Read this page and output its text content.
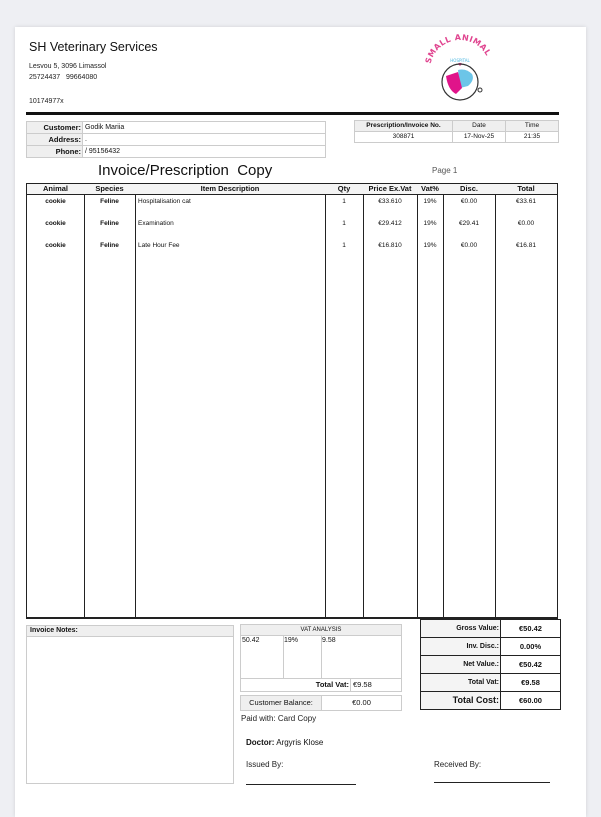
SH Veterinary Services
Lesvou 5, 3096 Limassol
25724437   99664080
10174977x
SMALL ANIMAL
HOSPITAL
Customer: Godik Mariia
Address: .
Phone: / 95156432
Prescription/Invoice No.	Date	Time
308871	17-Nov-25	21:35
Invoice/Prescription  Copy	Page 1
Animal	Species	Item Description	Qty	Price Ex.Vat	Vat%	Disc.	Total
cookie	Feline	Hospitalisation cat	1	€33.610	19%	€0.00	€33.61
cookie	Feline	Examination	1	€29.412	19%	€29.41	€0.00
cookie	Feline	Late Hour Fee	1	€16.810	19%	€0.00	€16.81
Invoice Notes:	VAT ANALYSIS
50.42	19%	9.58
Total Vat: €9.58
Customer Balance:	€0.00
Paid with: Card Copy
Doctor: Argyris Klose
Issued By:	Received By:
Gross Value:	€50.42
Inv. Disc.:	0.00%
Net Value.:	€50.42
Total Vat:	€9.58
Total Cost:	€60.00
